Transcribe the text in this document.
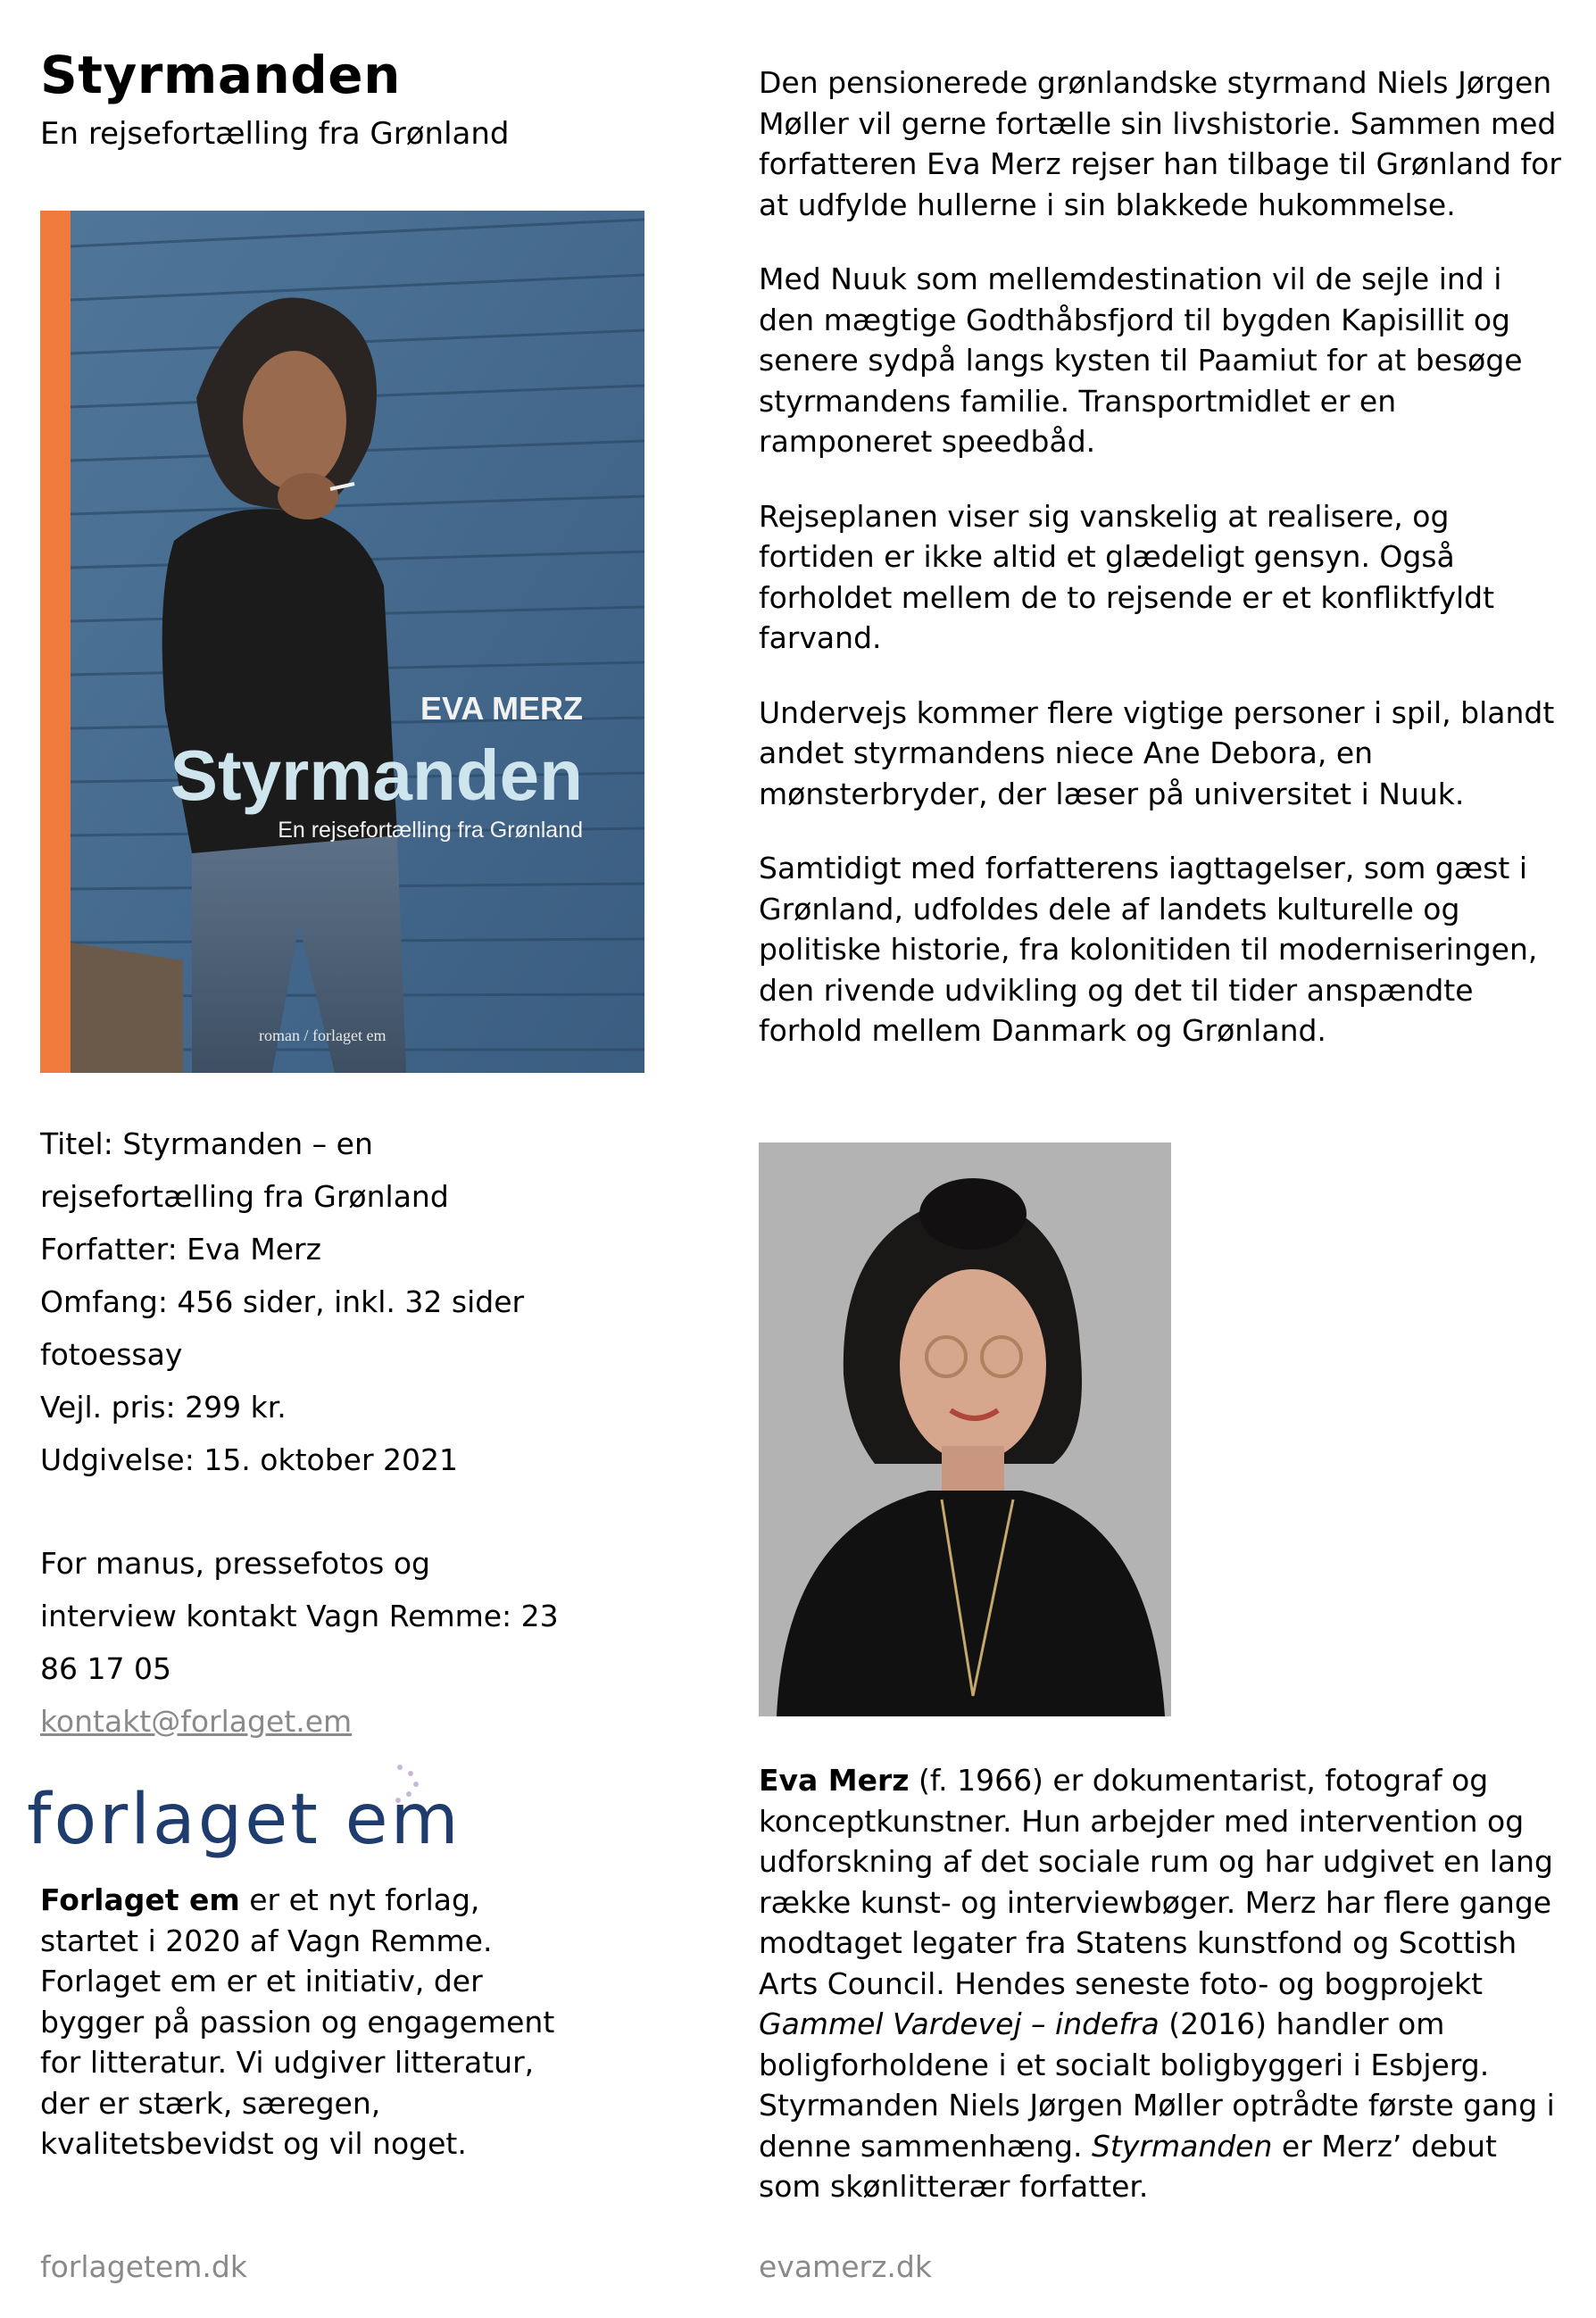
Styrmanden
En rejsefortælling fra Grønland
EVA MERZ
Styrmanden
En rejsefortælling fra Grønland
roman / forlaget em
Titel: Styrmanden – en rejsefortælling fra Grønland
Forfatter: Eva Merz
Omfang: 456 sider, inkl. 32 sider fotoessay
Vejl. pris: 299 kr.
Udgivelse: 15. oktober 2021
For manus, pressefotos og interview kontakt Vagn Remme: 23 86 17 05
kontakt@forlaget.em
forlaget em
Forlaget em er et nyt forlag, startet i 2020 af Vagn Remme. Forlaget em er et initiativ, der bygger på passion og engagement for litteratur. Vi udgiver litteratur, der er stærk, særegen, kvalitetsbevidst og vil noget.
forlagetem.dk

Den pensionerede grønlandske styrmand Niels Jørgen Møller vil gerne fortælle sin livshistorie. Sammen med forfatteren Eva Merz rejser han tilbage til Grønland for at udfylde hullerne i sin blakkede hukommelse.

Med Nuuk som mellemdestination vil de sejle ind i den mægtige Godthåbsfjord til bygden Kapisillit og senere sydpå langs kysten til Paamiut for at besøge styrmandens familie. Transportmidlet er en ramponeret speedbåd.

Rejseplanen viser sig vanskelig at realisere, og fortiden er ikke altid et glædeligt gensyn. Også forholdet mellem de to rejsende er et konfliktfyldt farvand.

Undervejs kommer flere vigtige personer i spil, blandt andet styrmandens niece Ane Debora, en mønsterbryder, der læser på universitet i Nuuk.

Samtidigt med forfatterens iagttagelser, som gæst i Grønland, udfoldes dele af landets kulturelle og politiske historie, fra kolonitiden til moderniseringen, den rivende udvikling og det til tider anspændte forhold mellem Danmark og Grønland.

Eva Merz (f. 1966) er dokumentarist, fotograf og konceptkunstner. Hun arbejder med intervention og udforskning af det sociale rum og har udgivet en lang række kunst- og interviewbøger. Merz har flere gange modtaget legater fra Statens kunstfond og Scottish Arts Council. Hendes seneste foto- og bogprojekt Gammel Vardevej – indefra (2016) handler om boligforholdene i et socialt boligbyggeri i Esbjerg. Styrmanden Niels Jørgen Møller optrådte første gang i denne sammenhæng. Styrmanden er Merz’ debut som skønlitterær forfatter.
evamerz.dk
